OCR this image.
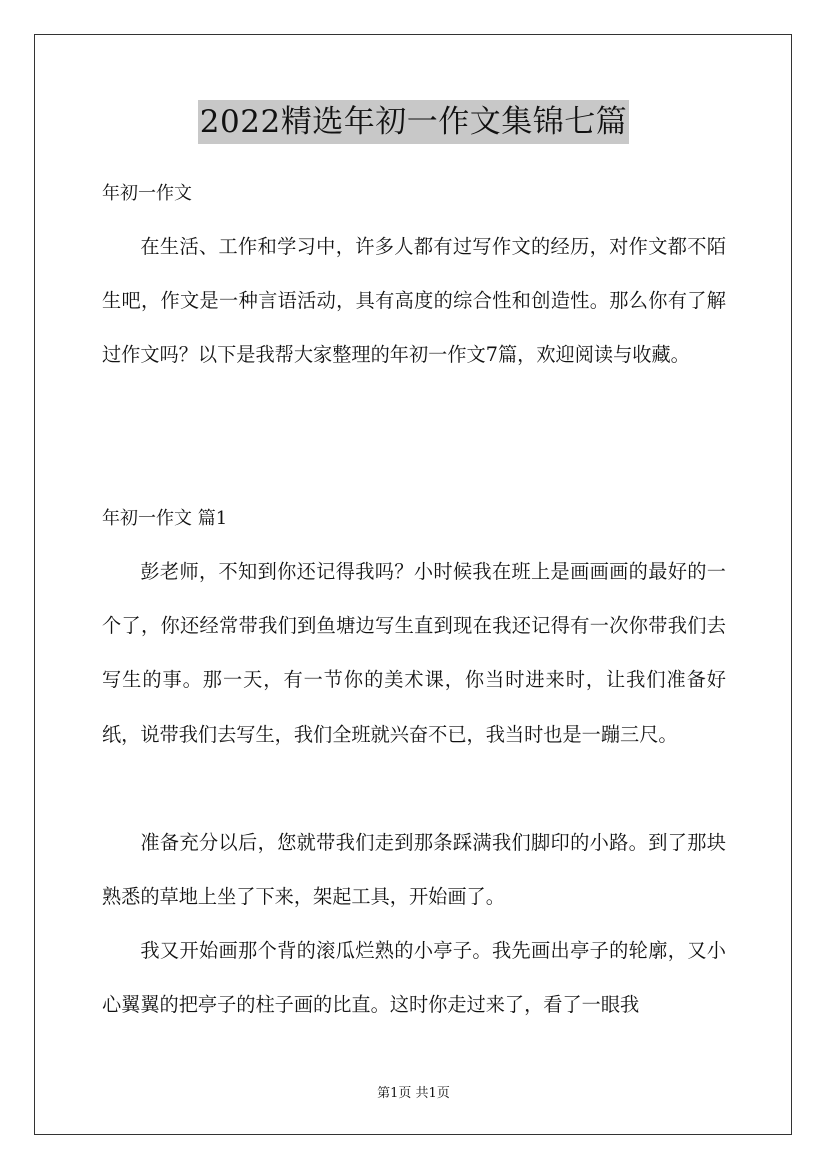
2022精选年初一作文集锦七篇
年初一作文

在生活、工作和学习中，许多人都有过写作文的经历，对作文都不陌生吧，作文是一种言语活动，具有高度的综合性和创造性。那么你有了解过作文吗？以下是我帮大家整理的年初一作文7篇，欢迎阅读与收藏。

年初一作文 篇1

彭老师，不知到你还记得我吗？小时候我在班上是画画画的最好的一个了，你还经常带我们到鱼塘边写生直到现在我还记得有一次你带我们去写生的事。那一天，有一节你的美术课，你当时进来时，让我们准备好纸，说带我们去写生，我们全班就兴奋不已，我当时也是一蹦三尺。

准备充分以后，您就带我们走到那条踩满我们脚印的小路。到了那块熟悉的草地上坐了下来，架起工具，开始画了。

我又开始画那个背的滚瓜烂熟的小亭子。我先画出亭子的轮廓，又小心翼翼的把亭子的柱子画的比直。这时你走过来了，看了一眼我

第1页 共1页
